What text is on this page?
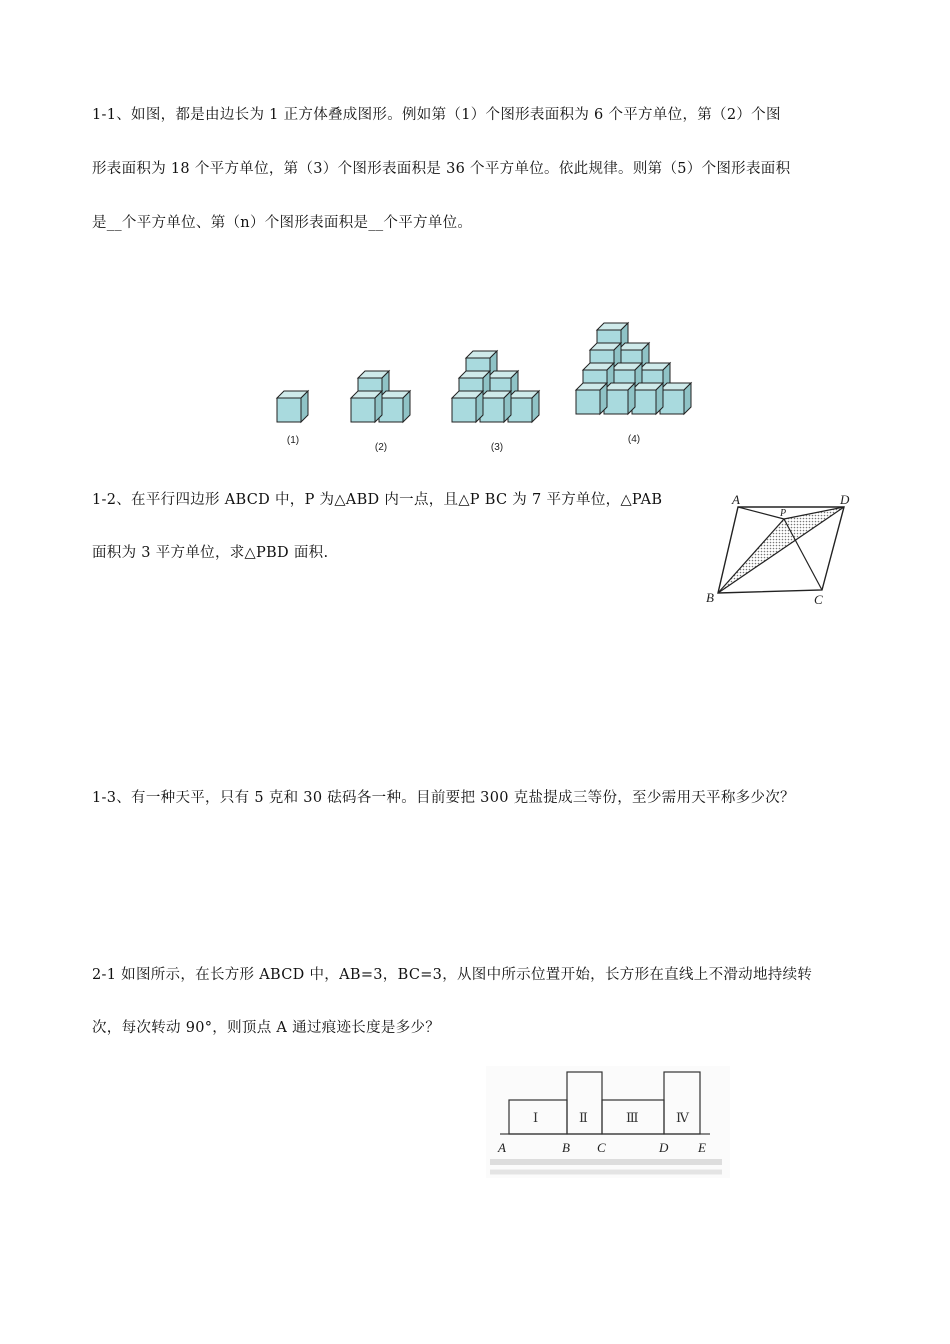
1-1、如图，都是由边长为 1 正方体叠成图形。例如第（1）个图形表面积为 6 个平方单位，第（2）个图
形表面积为 18 个平方单位，第（3）个图形表面积是 36 个平方单位。依此规律。则第（5）个图形表面积
是__个平方单位、第（n）个图形表面积是__个平方单位。
(1)
(2)	(3)
(4)
1-2、在平行四边形 ABCD 中，P 为△ABD 内一点，且△P BC 为 7 平方单位，△PAB
面积为 3 平方单位，求△PBD 面积.
A	D
P
B	C
1-3、有一种天平，只有 5 克和 30 砝码各一种。目前要把 300 克盐提成三等份，至少需用天平称多少次？
2-1 如图所示，在长方形 ABCD 中，AB=3，BC=3，从图中所示位置开始，长方形在直线上不滑动地持续转
次，每次转动 90°，则顶点 A 通过痕迹长度是多少？
Ⅰ	Ⅱ	Ⅲ	Ⅳ
A	B C	D E
